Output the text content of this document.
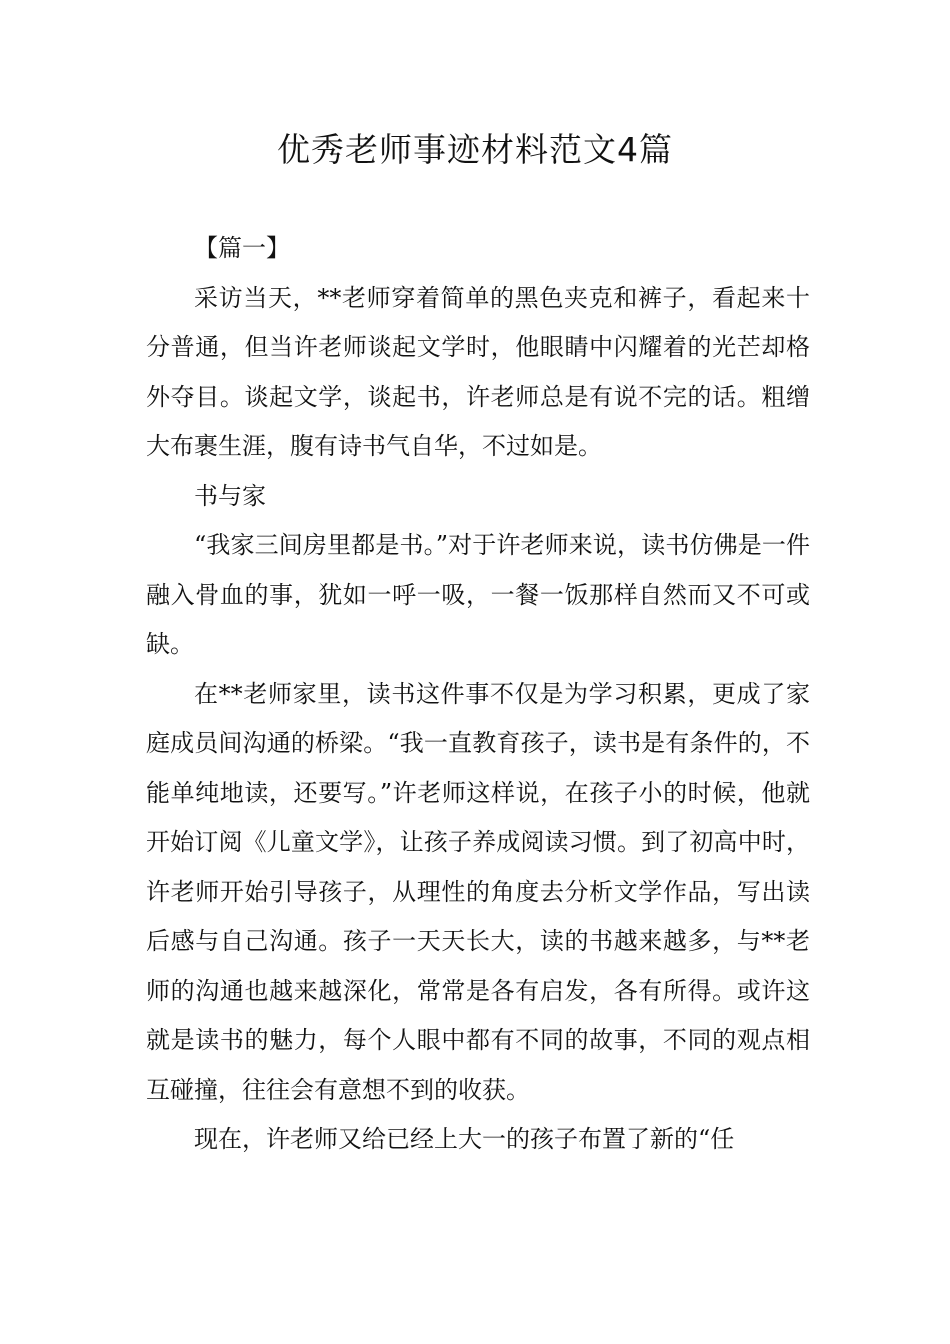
优秀老师事迹材料范文4篇

【篇一】

采访当天，**老师穿着简单的黑色夹克和裤子，看起来十分普通，但当许老师谈起文学时，他眼睛中闪耀着的光芒却格外夺目。谈起文学，谈起书，许老师总是有说不完的话。粗缯大布裹生涯，腹有诗书气自华，不过如是。

书与家

“我家三间房里都是书。”对于许老师来说，读书仿佛是一件融入骨血的事，犹如一呼一吸，一餐一饭那样自然而又不可或缺。

在**老师家里，读书这件事不仅是为学习积累，更成了家庭成员间沟通的桥梁。“我一直教育孩子，读书是有条件的，不能单纯地读，还要写。”许老师这样说，在孩子小的时候，他就开始订阅《儿童文学》，让孩子养成阅读习惯。到了初高中时，许老师开始引导孩子，从理性的角度去分析文学作品，写出读后感与自己沟通。孩子一天天长大，读的书越来越多，与**老师的沟通也越来越深化，常常是各有启发，各有所得。或许这就是读书的魅力，每个人眼中都有不同的故事，不同的观点相互碰撞，往往会有意想不到的收获。

现在，许老师又给已经上大一的孩子布置了新的“任
